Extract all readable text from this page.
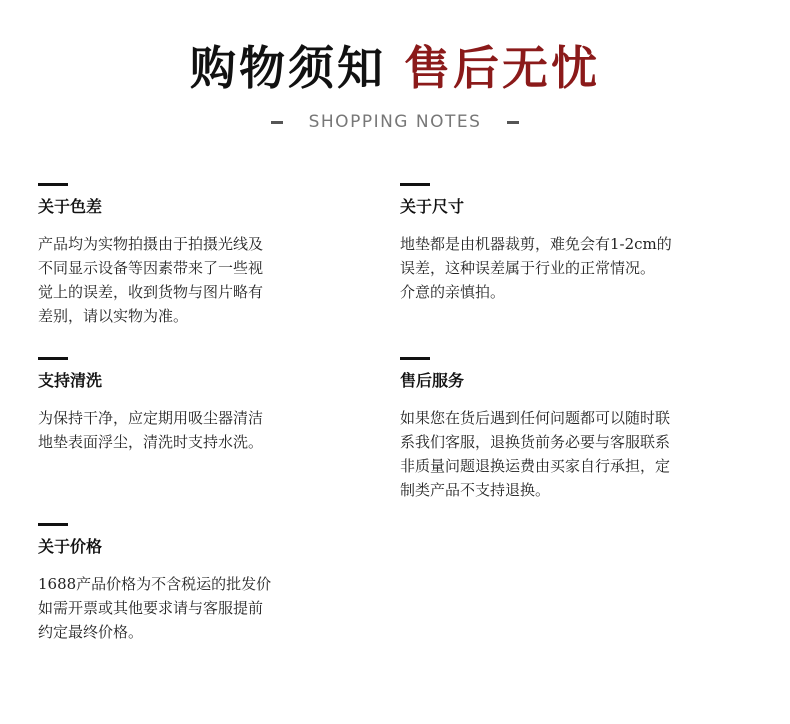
购物须知 售后无忧
SHOPPING NOTES
关于色差

产品均为实物拍摄由于拍摄光线及
不同显示设备等因素带来了一些视
觉上的误差，收到货物与图片略有
差别，请以实物为准。

关于尺寸

地垫都是由机器裁剪，难免会有1-2cm的
误差，这种误差属于行业的正常情况。
介意的亲慎拍。

支持清洗

为保持干净，应定期用吸尘器清洁
地垫表面浮尘，清洗时支持水洗。

售后服务

如果您在货后遇到任何问题都可以随时联
系我们客服，退换货前务必要与客服联系
非质量问题退换运费由买家自行承担，定
制类产品不支持退换。

关于价格

1688产品价格为不含税运的批发价
如需开票或其他要求请与客服提前
约定最终价格。
